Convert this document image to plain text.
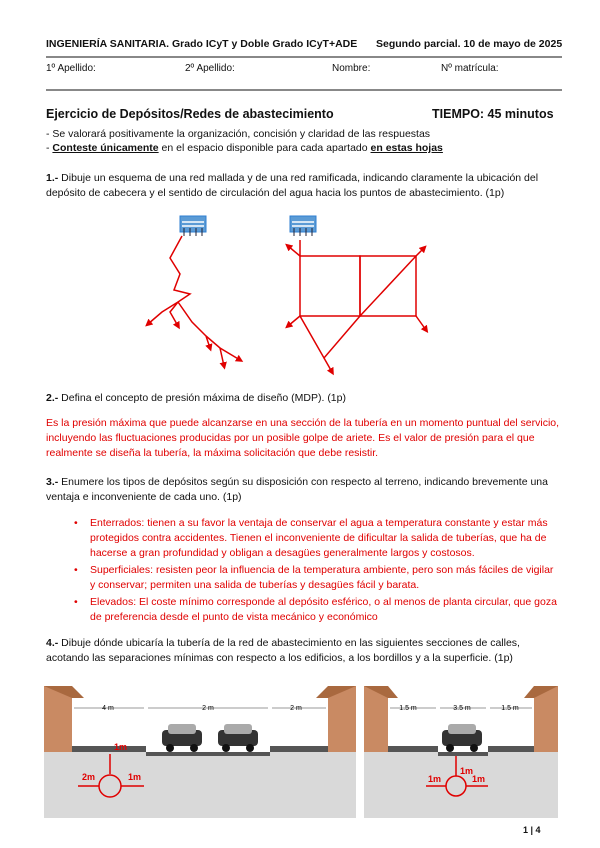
INGENIERÍA SANITARIA. Grado ICyT y Doble Grado ICyT+ADE Segundo parcial. 10 de mayo de 2025
1º Apellido:	2º Apellido:	Nombre:	Nº matrícula:
Ejercicio de Depósitos/Redes de abastecimiento	TIEMPO: 45 minutos
- Se valorará positivamente la organización, concisión y claridad de las respuestas
- Conteste únicamente en el espacio disponible para cada apartado en estas hojas
1.- Dibuje un esquema de una red mallada y de una red ramificada, indicando claramente la ubicación del depósito de cabecera y el sentido de circulación del agua hacia los puntos de abastecimiento. (1p)
2.- Defina el concepto de presión máxima de diseño (MDP). (1p)
Es la presión máxima que puede alcanzarse en una sección de la tubería en un momento puntual del servicio, incluyendo las fluctuaciones producidas por un posible golpe de ariete. Es el valor de presión para el que realmente se diseña la tubería, la máxima solicitación que debe resistir.
3.- Enumere los tipos de depósitos según su disposición con respecto al terreno, indicando brevemente una ventaja e inconveniente de cada uno. (1p)
• Enterrados: tienen a su favor la ventaja de conservar el agua a temperatura constante y estar más protegidos contra accidentes. Tienen el inconveniente de dificultar la salida de tuberías, que ha de hacerse a gran profundidad y obligan a desagües generalmente largos y costosos.
• Superficiales: resisten peor la influencia de la temperatura ambiente, pero son más fáciles de vigilar y conservar; permiten una salida de tuberías y desagües fácil y barata.
• Elevados: El coste mínimo corresponde al depósito esférico, o al menos de planta circular, que goza de preferencia desde el punto de vista mecánico y económico
4.- Dibuje dónde ubicaría la tubería de la red de abastecimiento en las siguientes secciones de calles, acotando las separaciones mínimas con respecto a los edificios, a los bordillos y a la superficie. (1p)
4 m	2 m	2 m
1m
2m	1m
1.5 m	3.5 m	1.5 m
1m
1m	1m
1 | 4
